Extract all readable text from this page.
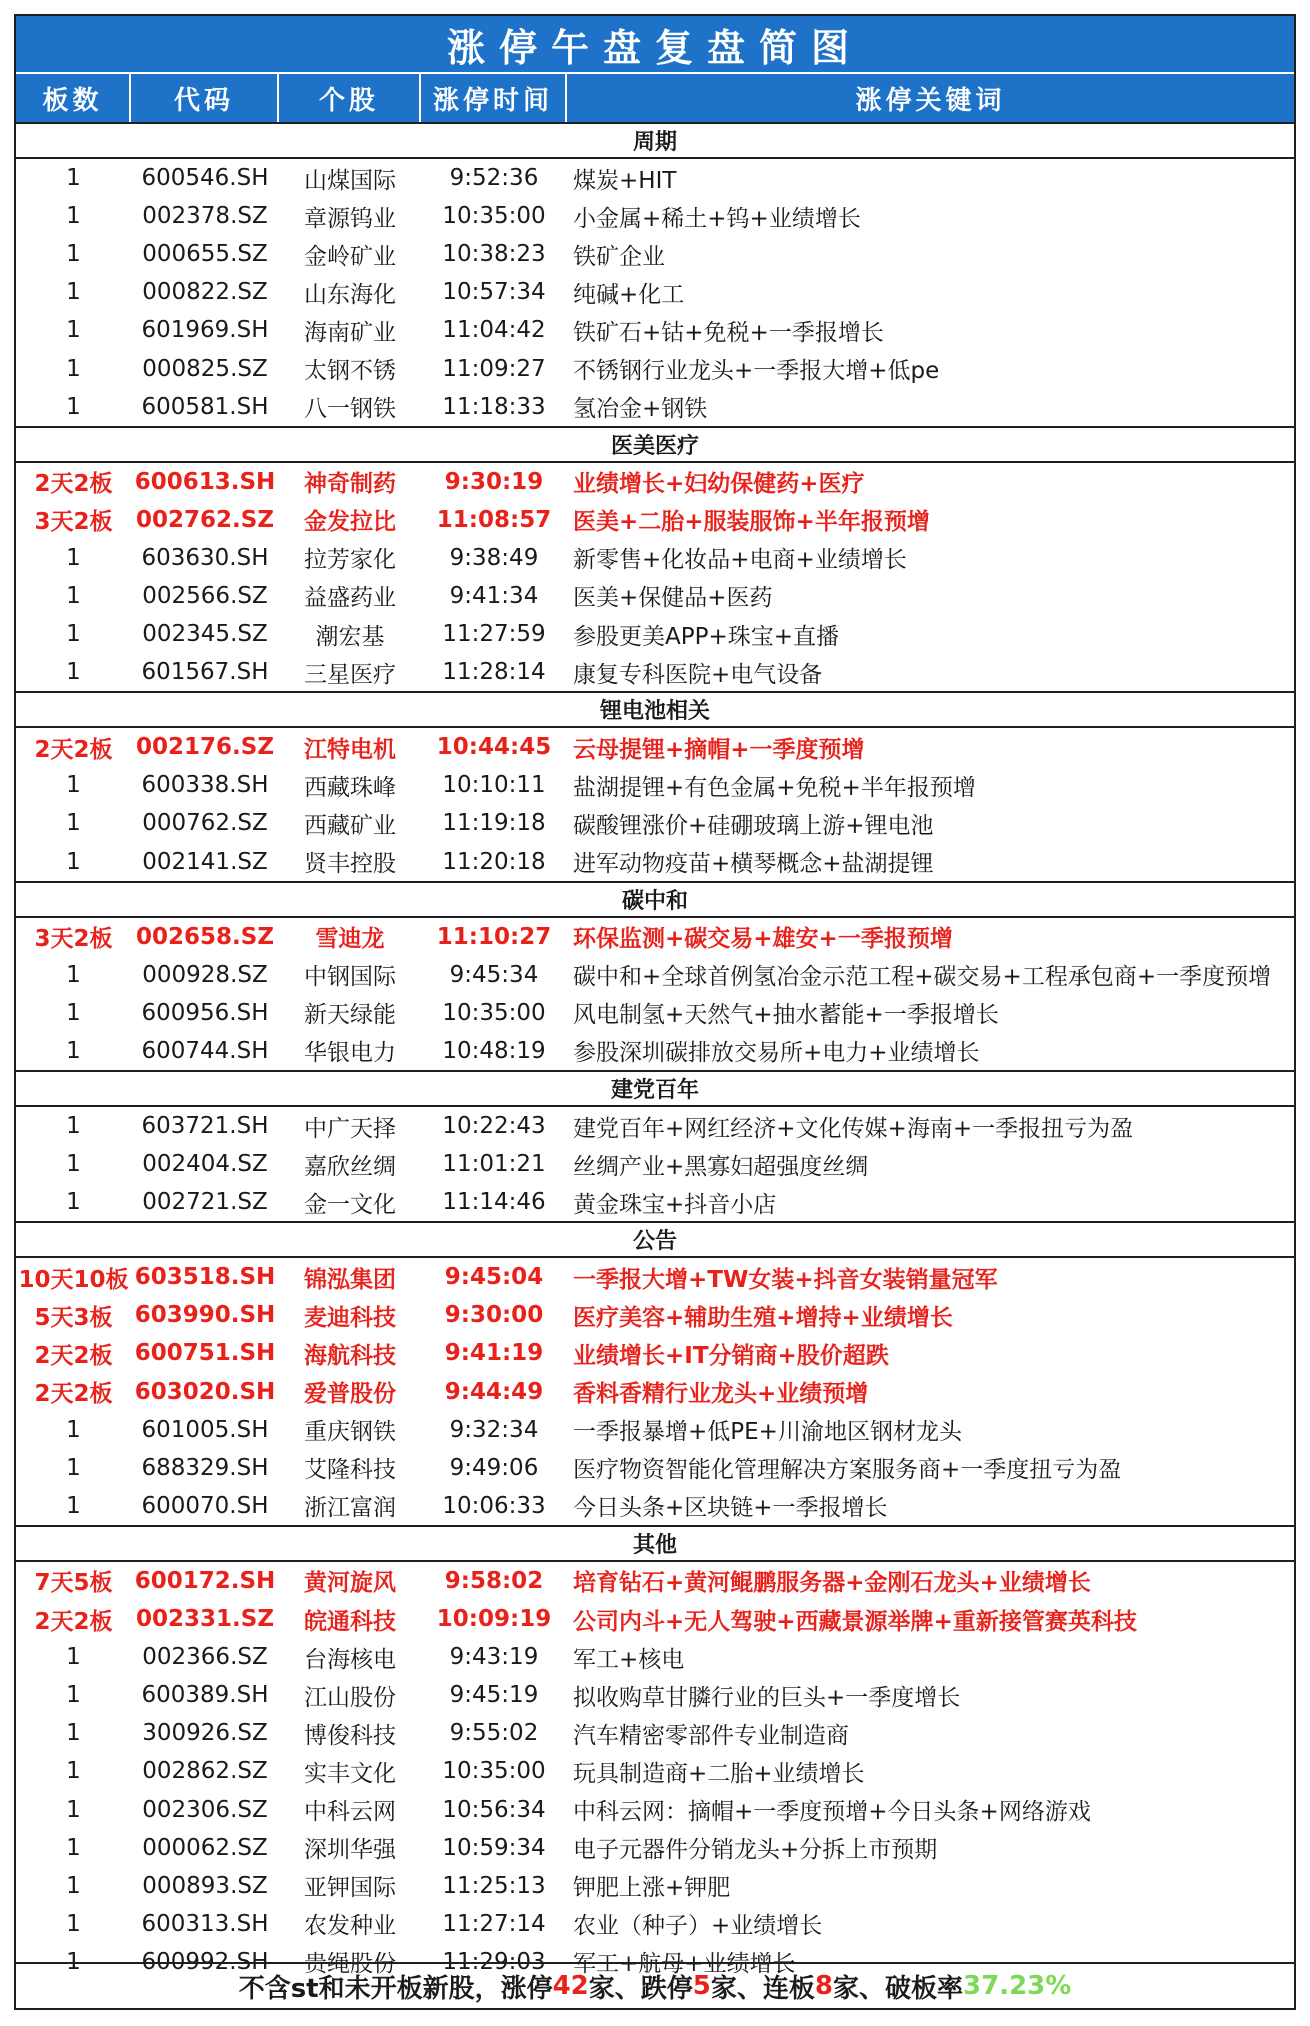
涨停午盘复盘简图
板数	代码	个股	涨停时间	涨停关键词
周期
1	600546.SH	山煤国际	9:52:36	煤炭+HIT
1	002378.SZ	章源钨业	10:35:00	小金属+稀土+钨+业绩增长
1	000655.SZ	金岭矿业	10:38:23	铁矿企业
1	000822.SZ	山东海化	10:57:34	纯碱+化工
1	601969.SH	海南矿业	11:04:42	铁矿石+钴+免税+一季报增长
1	000825.SZ	太钢不锈	11:09:27	不锈钢行业龙头+一季报大增+低pe
1	600581.SH	八一钢铁	11:18:33	氢冶金+钢铁
医美医疗
2天2板 600613.SH	神奇制药	9:30:19	业绩增长+妇幼保健药+医疗
3天2板	002762.SZ	金发拉比	11:08:57 医美+二胎+服装服饰+半年报预增
1	603630.SH	拉芳家化	9:38:49	新零售+化妆品+电商+业绩增长
1	002566.SZ	益盛药业	9:41:34	医美+保健品+医药
1	002345.SZ	潮宏基	11:27:59	参股更美APP+珠宝+直播
1	601567.SH	三星医疗	11:28:14	康复专科医院+电气设备
锂电池相关
2天2板	002176.SZ	江特电机	10:44:45 云母提锂+摘帽+一季度预增
1	600338.SH	西藏珠峰	10:10:11	盐湖提锂+有色金属+免税+半年报预增
1	000762.SZ	西藏矿业	11:19:18	碳酸锂涨价+硅硼玻璃上游+锂电池
1	002141.SZ	贤丰控股	11:20:18	进军动物疫苗+横琴概念+盐湖提锂
碳中和
3天2板	002658.SZ	雪迪龙	11:10:27 环保监测+碳交易+雄安+一季报预增
1	000928.SZ	中钢国际	9:45:34	碳中和+全球首例氢冶金示范工程+碳交易+工程承包商+一季度预增
1	600956.SH	新天绿能	10:35:00	风电制氢+天然气+抽水蓄能+一季报增长
1	600744.SH	华银电力	10:48:19	参股深圳碳排放交易所+电力+业绩增长
建党百年
1	603721.SH	中广天择	10:22:43	建党百年+网红经济+文化传媒+海南+一季报扭亏为盈
1	002404.SZ	嘉欣丝绸	11:01:21	丝绸产业+黑寡妇超强度丝绸
1	002721.SZ	金一文化	11:14:46	黄金珠宝+抖音小店
公告
10天10板 603518.SH	锦泓集团	9:45:04	一季报大增+TW女装+抖音女装销量冠军
5天3板 603990.SH	麦迪科技	9:30:00	医疗美容+辅助生殖+增持+业绩增长
2天2板 600751.SH	海航科技	9:41:19	业绩增长+IT分销商+股价超跌
2天2板 603020.SH	爱普股份	9:44:49	香料香精行业龙头+业绩预增
1	601005.SH	重庆钢铁	9:32:34	一季报暴增+低PE+川渝地区钢材龙头
1	688329.SH	艾隆科技	9:49:06	医疗物资智能化管理解决方案服务商+一季度扭亏为盈
1	600070.SH	浙江富润	10:06:33	今日头条+区块链+一季报增长
其他
7天5板 600172.SH	黄河旋风	9:58:02	培育钻石+黄河鲲鹏服务器+金刚石龙头+业绩增长
2天2板	002331.SZ	皖通科技	10:09:19 公司内斗+无人驾驶+西藏景源举牌+重新接管赛英科技
1	002366.SZ	台海核电	9:43:19	军工+核电
1	600389.SH	江山股份	9:45:19	拟收购草甘膦行业的巨头+一季度增长
1	300926.SZ	博俊科技	9:55:02	汽车精密零部件专业制造商
1	002862.SZ	实丰文化	10:35:00	玩具制造商+二胎+业绩增长
1	002306.SZ	中科云网	10:56:34	中科云网：摘帽+一季度预增+今日头条+网络游戏
1	000062.SZ	深圳华强	10:59:34	电子元器件分销龙头+分拆上市预期
1	000893.SZ	亚钾国际	11:25:13	钾肥上涨+钾肥
1	600313.SH	农发种业	11:27:14	农业（种子）+业绩增长
1	600992.SH	贵绳股份	11:29:03	军工+航母+业绩增长
不含st和未开板新股，涨停 42 家、跌停 5 家、连板 8 家、破板率 37.23%
